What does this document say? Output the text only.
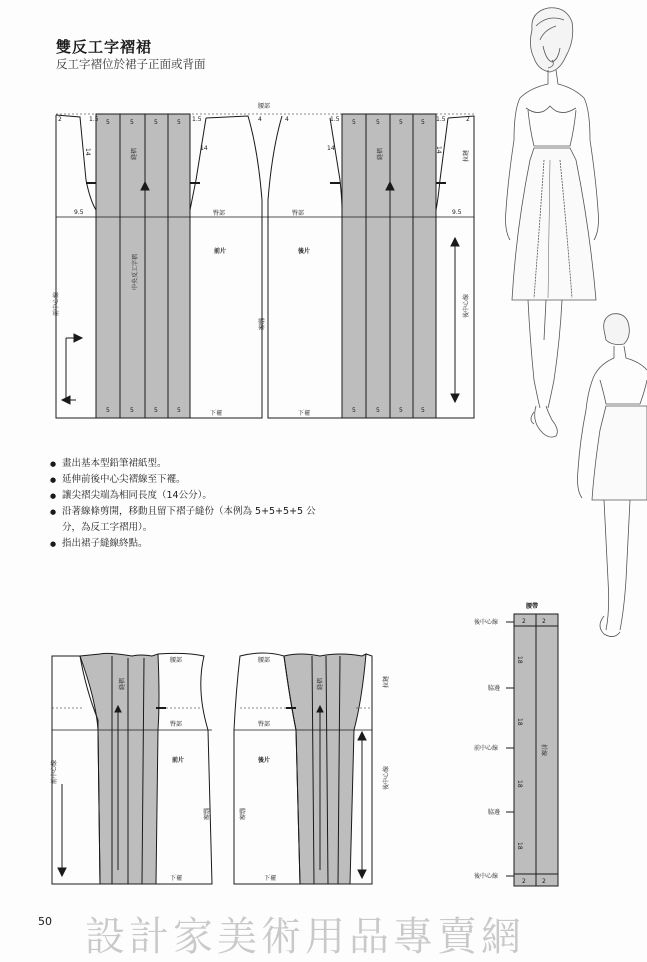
雙反工字褶裙
反工字褶位於裙子正面或背面
腰部
2	1.5	1.5	4	4	1.5	1.5	2
5	5	5	5	5	5	5	5
5	5	5	5	5	5	5	5
14	14	14	14
9.5	9.5
臀部	臀部
前片	後片
下襬	下襬
前中心線	後中心線
中央反工字褶
脇線
縫褶	縫褶	拉鏈
腰部	腰部
臀部	臀部
前片	後片
下襬	下襬
前中心線	後中心線
脇線	脇線
縫褶	縫褶	拉鏈
腰帶
後中心線
脇邊
前中心線
脇邊
後中心線
折線
18
18
18
18
2	2
2	2
● 畫出基本型鉛筆裙紙型。
● 延伸前後中心尖褶線至下襬。
● 讓尖褶尖端為相同長度（14公分）。
● 沿著線條剪開，移動且留下褶子縫份（本例為 5+5+5+5 公
分，為反工字褶用）。
● 指出裙子縫線終點。
50 設計家美術用品專賣網
